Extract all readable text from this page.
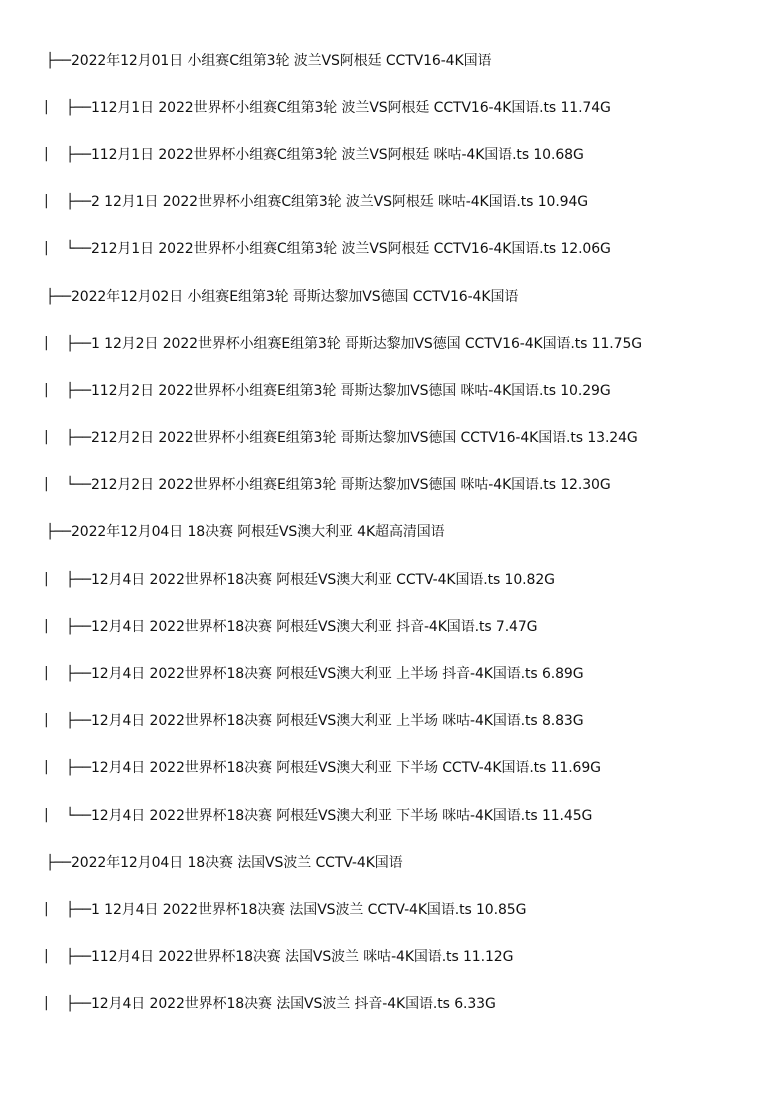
├──2022年12月01日 小组赛C组第3轮 波兰VS阿根廷 CCTV16-4K国语
|	├──112月1日 2022世界杯小组赛C组第3轮 波兰VS阿根廷 CCTV16-4K国语.ts 11.74G
|	├──112月1日 2022世界杯小组赛C组第3轮 波兰VS阿根廷 咪咕-4K国语.ts 10.68G
|	├──2 12月1日 2022世界杯小组赛C组第3轮 波兰VS阿根廷 咪咕-4K国语.ts 10.94G
|	└──212月1日 2022世界杯小组赛C组第3轮 波兰VS阿根廷 CCTV16-4K国语.ts 12.06G
├──2022年12月02日 小组赛E组第3轮 哥斯达黎加VS德国 CCTV16-4K国语
|	├──1 12月2日 2022世界杯小组赛E组第3轮 哥斯达黎加VS德国 CCTV16-4K国语.ts 11.75G
|	├──112月2日 2022世界杯小组赛E组第3轮 哥斯达黎加VS德国 咪咕-4K国语.ts 10.29G
|	├──212月2日 2022世界杯小组赛E组第3轮 哥斯达黎加VS德国 CCTV16-4K国语.ts 13.24G
|	└──212月2日 2022世界杯小组赛E组第3轮 哥斯达黎加VS德国 咪咕-4K国语.ts 12.30G
├──2022年12月04日 18决赛 阿根廷VS澳大利亚 4K超高清国语
|	├──12月4日 2022世界杯18决赛 阿根廷VS澳大利亚 CCTV-4K国语.ts 10.82G
|	├──12月4日 2022世界杯18决赛 阿根廷VS澳大利亚 抖音-4K国语.ts 7.47G
|	├──12月4日 2022世界杯18决赛 阿根廷VS澳大利亚 上半场 抖音-4K国语.ts 6.89G
|	├──12月4日 2022世界杯18决赛 阿根廷VS澳大利亚 上半场 咪咕-4K国语.ts 8.83G
|	├──12月4日 2022世界杯18决赛 阿根廷VS澳大利亚 下半场 CCTV-4K国语.ts 11.69G
|	└──12月4日 2022世界杯18决赛 阿根廷VS澳大利亚 下半场 咪咕-4K国语.ts 11.45G
├──2022年12月04日 18决赛 法国VS波兰 CCTV-4K国语
|	├──1 12月4日 2022世界杯18决赛 法国VS波兰 CCTV-4K国语.ts 10.85G
|	├──112月4日 2022世界杯18决赛 法国VS波兰 咪咕-4K国语.ts 11.12G
|	├──12月4日 2022世界杯18决赛 法国VS波兰 抖音-4K国语.ts 6.33G
